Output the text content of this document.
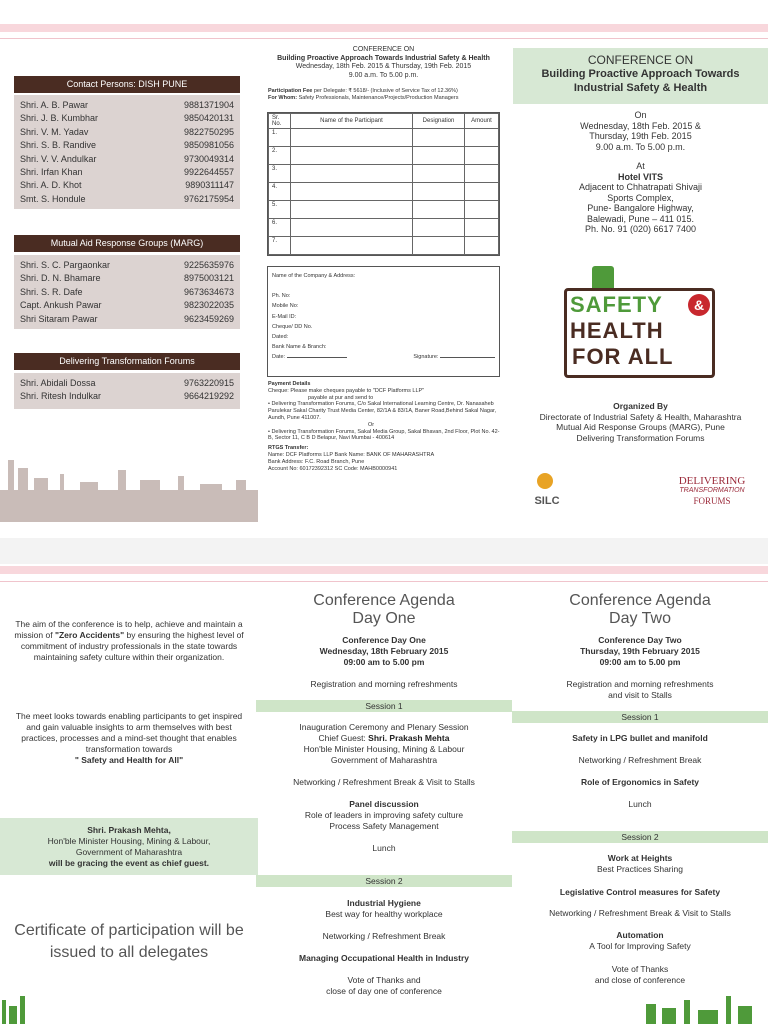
Contact Persons: DISH PUNE
Shri. A. B. Pawar	9881371904
Shri. J. B. Kumbhar	9850420131
Shri. V. M. Yadav	9822750295
Shri. S. B. Randive	9850981056
Shri. V. V. Andulkar	9730049314
Shri. Irfan Khan	9922644557
Shri. A. D. Khot	9890311147
Smt. S. Hondule	9762175954
Mutual Aid Response Groups (MARG)
Shri. S. C. Pargaonkar	9225635976
Shri. D. N. Bhamare	8975003121
Shri. S. R. Dafe	9673634673
Capt. Ankush Pawar	9823022035
Shri Sitaram Pawar	9623459269
Delivering Transformation Forums
Shri. Abidali Dossa	9763220915
Shri. Ritesh Indulkar	9664219292
CONFERENCE ON
Building Proactive Approach Towards Industrial Safety & Health
Wednesday, 18th Feb. 2015 & Thursday, 19th Feb. 2015
9.00 a.m. To 5.00 p.m.
Participation Fee per Delegate: ₹ 5618/- (Inclusive of Service Tax of 12.36%)
For Whom: Safety Professionals, Maintenance/Projects/Production Managers
Sr. No.	Name of the Participant	Designation	Amount
1.			
2.			
3.			
4.			
5.			
6.			
7.			
Name of the Company & Address:
Ph. No:
Mobile No:
E-Mail ID:
Cheque/ DD No.
Dated:
Bank Name & Branch:
Date:	Signature:
Payment Details
Cheque: Please make cheques payable to "DCF Platforms LLP"
payable at pur and send to
• Delivering Transformation Forums, C/o Sakal International Learning Centre, Dr. Nanasaheb Parulekar Sakal Charity Trust Media Center, 82/1A & 83/1A, Baner Road,Behind Sakal Nagar, Aundh, Pune 411007.
Or
• Delivering Transformation Forums, Sakal Media Group, Sakal Bhavan, 2nd Floor, Plot No. 42-B, Sector 11, C B D Belapur, Navi Mumbai - 400614
RTGS Transfer:
Name: DCF Platforms LLP Bank Name: BANK OF MAHARASHTRA
Bank Address: F.C. Road Branch, Pune
Account No: 60172392312 SC Code: MAHB0000941
CONFERENCE ON
Building Proactive Approach Towards Industrial Safety & Health
On
Wednesday, 18th Feb. 2015 &
Thursday, 19th Feb. 2015
9.00 a.m. To 5.00 p.m.
At
Hotel VITS
Adjacent to Chhatrapati Shivaji
Sports Complex,
Pune- Bangalore Highway,
Balewadi, Pune – 411 015.
Ph. No. 91 (020) 6617 7400
SAFETY	&
HEALTH
FOR ALL
Organized By
Directorate of Industrial Safety & Health, Maharashtra
Mutual Aid Response Groups (MARG), Pune
Delivering Transformation Forums
SILC
DELIVERING
TRANSFORMATION
FORUMS
The aim of the conference is to help, achieve and maintain a mission of "Zero Accidents" by ensuring the highest level of commitment of industry professionals in the state towards maintaining safety culture within their organization.
The meet looks towards enabling participants to get inspired and gain valuable insights to arm themselves with best practices, processes and a mind-set thought that enables transformation towards
" Safety and Health for All"
Shri. Prakash Mehta,
Hon'ble Minister Housing, Mining & Labour,
Government of Maharashtra
will be gracing the event as chief guest.
Certificate of participation will be issued to all delegates
Conference Agenda
Day One
Conference Day One
Wednesday, 18th February 2015
09:00 am to 5.00 pm
Registration and morning refreshments
Session 1
Inauguration Ceremony and Plenary Session
Chief Guest: Shri. Prakash Mehta
Hon'ble Minister Housing, Mining & Labour
Government of Maharashtra
Networking / Refreshment Break & Visit to Stalls
Panel discussion
Role of leaders in improving safety culture
Process Safety Management
Lunch
Session 2
Industrial Hygiene
Best way for healthy workplace
Networking / Refreshment Break
Managing Occupational Health in Industry
Vote of Thanks and
close of day one of conference
Conference Agenda
Day Two
Conference Day Two
Thursday, 19th February 2015
09:00 am to 5.00 pm
Registration and morning refreshments
and visit to Stalls
Session 1
Safety in LPG bullet and manifold
Networking / Refreshment Break
Role of Ergonomics in Safety
Lunch
Session 2
Work at Heights
Best Practices Sharing
Legislative Control measures for Safety
Networking / Refreshment Break & Visit to Stalls
Automation
A Tool for Improving Safety
Vote of Thanks
and close of conference
